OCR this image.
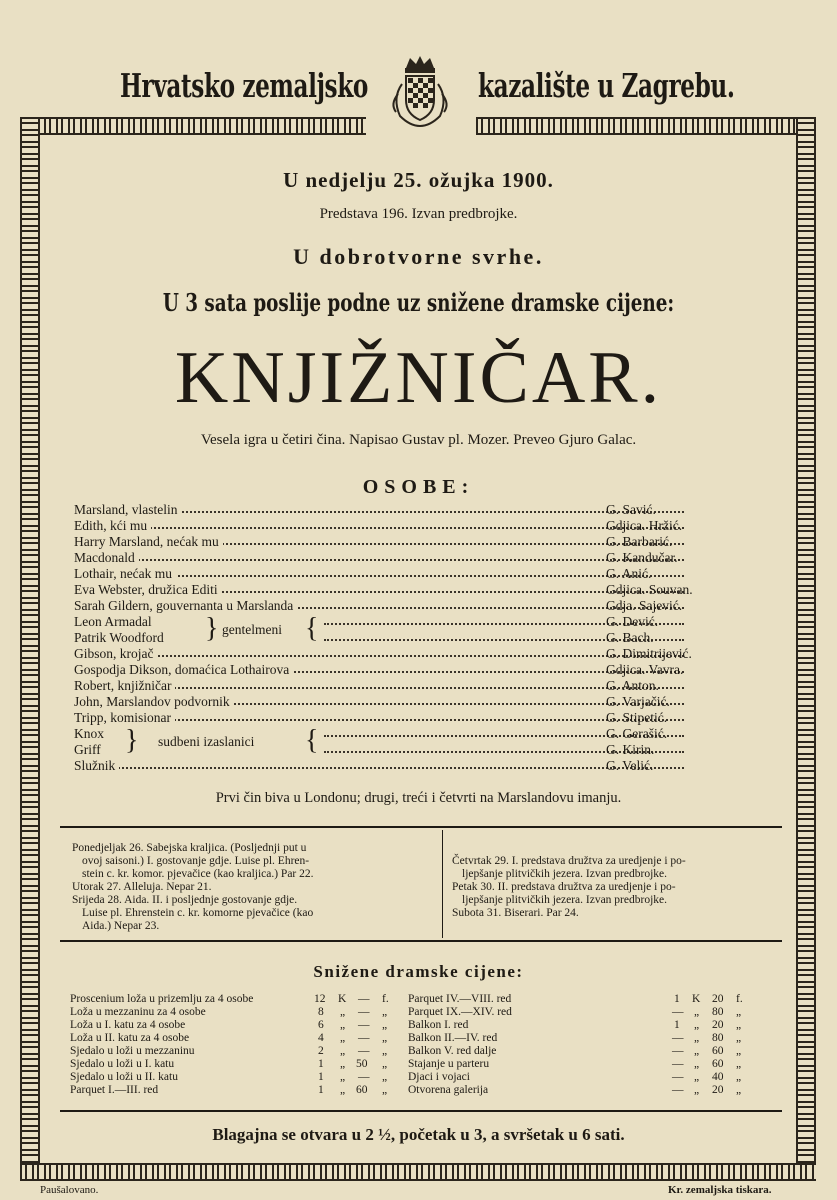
Hrvatsko zemaljsko	kazalište u Zagrebu.
U nedjelju 25. ožujka 1900.
Predstava 196. Izvan predbrojke.
U dobrotvorne svrhe.
U 3 sata poslije podne uz snižene dramske cijene:
KNJIŽNIČAR.
Vesela igra u četiri čina. Napisao Gustav pl. Mozer. Preveo Gjuro Galac.
OSOBE:
Marsland, vlastelin	G. Savić.
Edith, kći mu	Gdjica. Hržić.
Harry Marsland, nećak mu	G. Barbarić.
Macdonald	G. Kandučar.
Lothair, nećak mu	G. Anić.
Eva Webster, družica Editi	Gdjica. Souvan.
Sarah Gildern, gouvernanta u Marslanda	Gdja. Sajević.
Leon Armadal	G. Dević.
Patrik Woodford	G. Bach.
Gibson, krojač	G. Dimitrijević.
Gospodja Dikson, domaćica Lothairova	Gdjica. Vavra.
Robert, knjižničar	G. Anton.
John, Marslandov podvornik	G. Varjačić.
Tripp, komisionar	G. Stipetić.
Knox	G. Gerašić.
Griff	G. Kirin.
Služnik	G. Velić.
} gentelmeni {
} sudbeni izaslanici {
Prvi čin biva u Londonu; drugi, treći i četvrti na Marslandovu imanju.
Ponedjeljak 26. Sabejska kraljica. (Posljednji put u
ovoj saisoni.) I. gostovanje gdje. Luise pl. Ehren-
stein c. kr. komor. pjevačice (kao kraljica.) Par 22.
Utorak 27. Alleluja. Nepar 21.
Srijeda 28. Aida. II. i posljednje gostovanje gdje.
Luise pl. Ehrenstein c. kr. komorne pjevačice (kao
Aida.) Nepar 23.
Četvrtak 29. I. predstava družtva za uredjenje i po-
ljepšanje plitvičkih jezera. Izvan predbrojke.
Petak 30. II. predstava družtva za uredjenje i po-
ljepšanje plitvičkih jezera. Izvan predbrojke.
Subota 31. Biserari. Par 24.
Snižene dramske cijene:
Proscenium loža u prizemlju za 4 osobe	12 K — f.
Loža u mezzaninu za 4 osobe	8 „ — „
Loža u I. katu za 4 osobe	6 „ — „
Loža u II. katu za 4 osobe	4 „ — „
Sjedalo u loži u mezzaninu	2 „ — „
Sjedalo u loži u I. katu	1 „ 50 „
Sjedalo u loži u II. katu	1 „ — „
Parquet I.—III. red	1 „ 60 „
Parquet IV.—VIII. red	1 K 20 f.
Parquet IX.—XIV. red	— „ 80 „
Balkon I. red	1 „ 20 „
Balkon II.—IV. red	— „ 80 „
Balkon V. red dalje	— „ 60 „
Stajanje u parteru	— „ 60 „
Djaci i vojaci	— „ 40 „
Otvorena galerija	— „ 20 „
Blagajna se otvara u 2 ½, početak u 3, a svršetak u 6 sati.
Paušalovano.	Kr. zemaljska tiskara.
